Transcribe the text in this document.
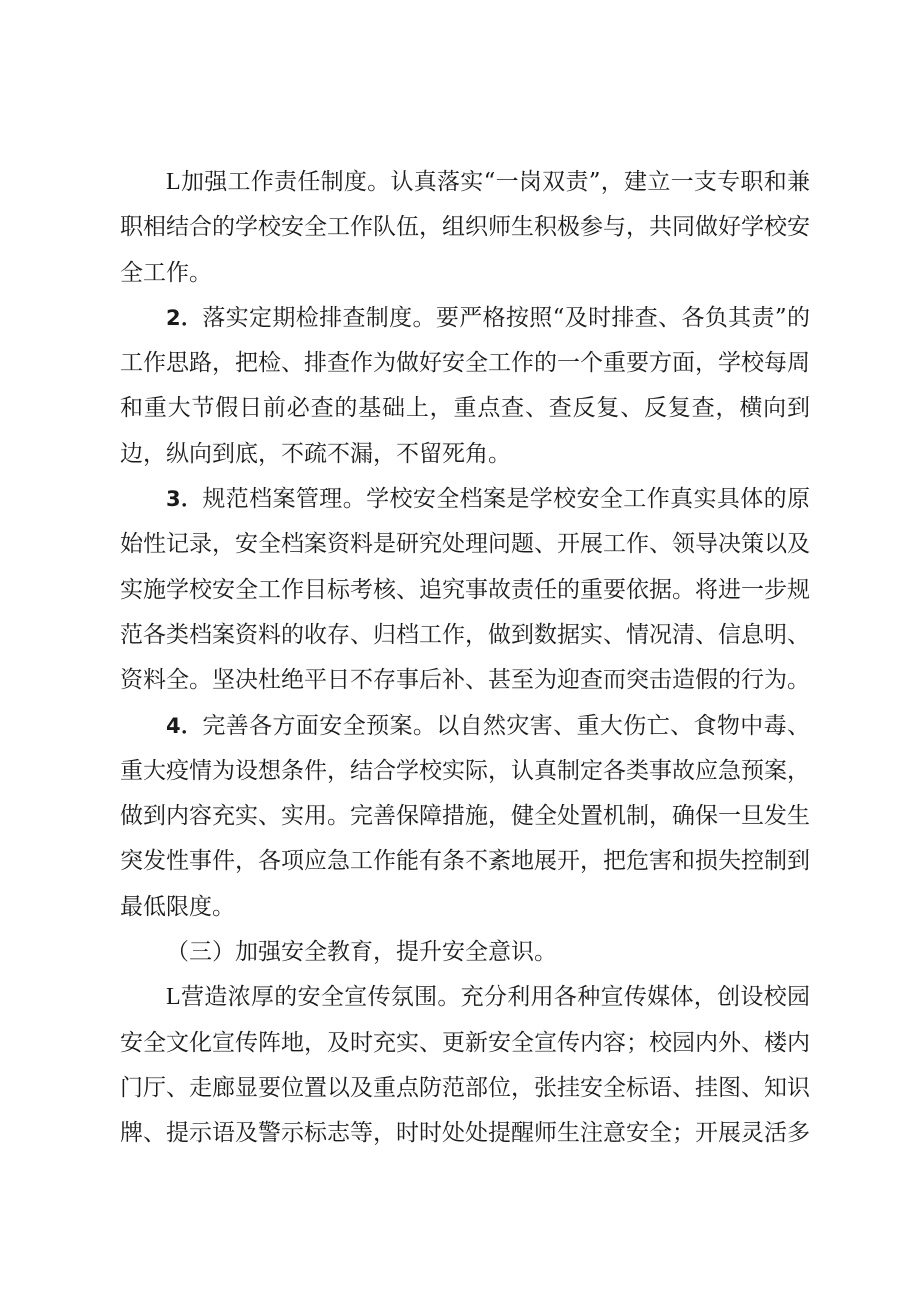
L加强工作责任制度。认真落实“一岗双责”，建立一支专职和兼职相结合的学校安全工作队伍，组织师生积极参与，共同做好学校安全工作。

2．落实定期检排查制度。要严格按照“及时排查、各负其责”的工作思路，把检、排查作为做好安全工作的一个重要方面，学校每周和重大节假日前必查的基础上，重点查、查反复、反复查，横向到边，纵向到底，不疏不漏，不留死角。

3．规范档案管理。学校安全档案是学校安全工作真实具体的原始性记录，安全档案资料是研究处理问题、开展工作、领导决策以及实施学校安全工作目标考核、追究事故责任的重要依据。将进一步规范各类档案资料的收存、归档工作，做到数据实、情况清、信息明、资料全。坚决杜绝平日不存事后补、甚至为迎查而突击造假的行为。

4．完善各方面安全预案。以自然灾害、重大伤亡、食物中毒、重大疫情为设想条件，结合学校实际，认真制定各类事故应急预案，做到内容充实、实用。完善保障措施，健全处置机制，确保一旦发生突发性事件，各项应急工作能有条不紊地展开，把危害和损失控制到最低限度。

（三）加强安全教育，提升安全意识。

L营造浓厚的安全宣传氛围。充分利用各种宣传媒体，创设校园安全文化宣传阵地，及时充实、更新安全宣传内容；校园内外、楼内门厅、走廊显要位置以及重点防范部位，张挂安全标语、挂图、知识牌、提示语及警示标志等，时时处处提醒师生注意安全；开展灵活多
